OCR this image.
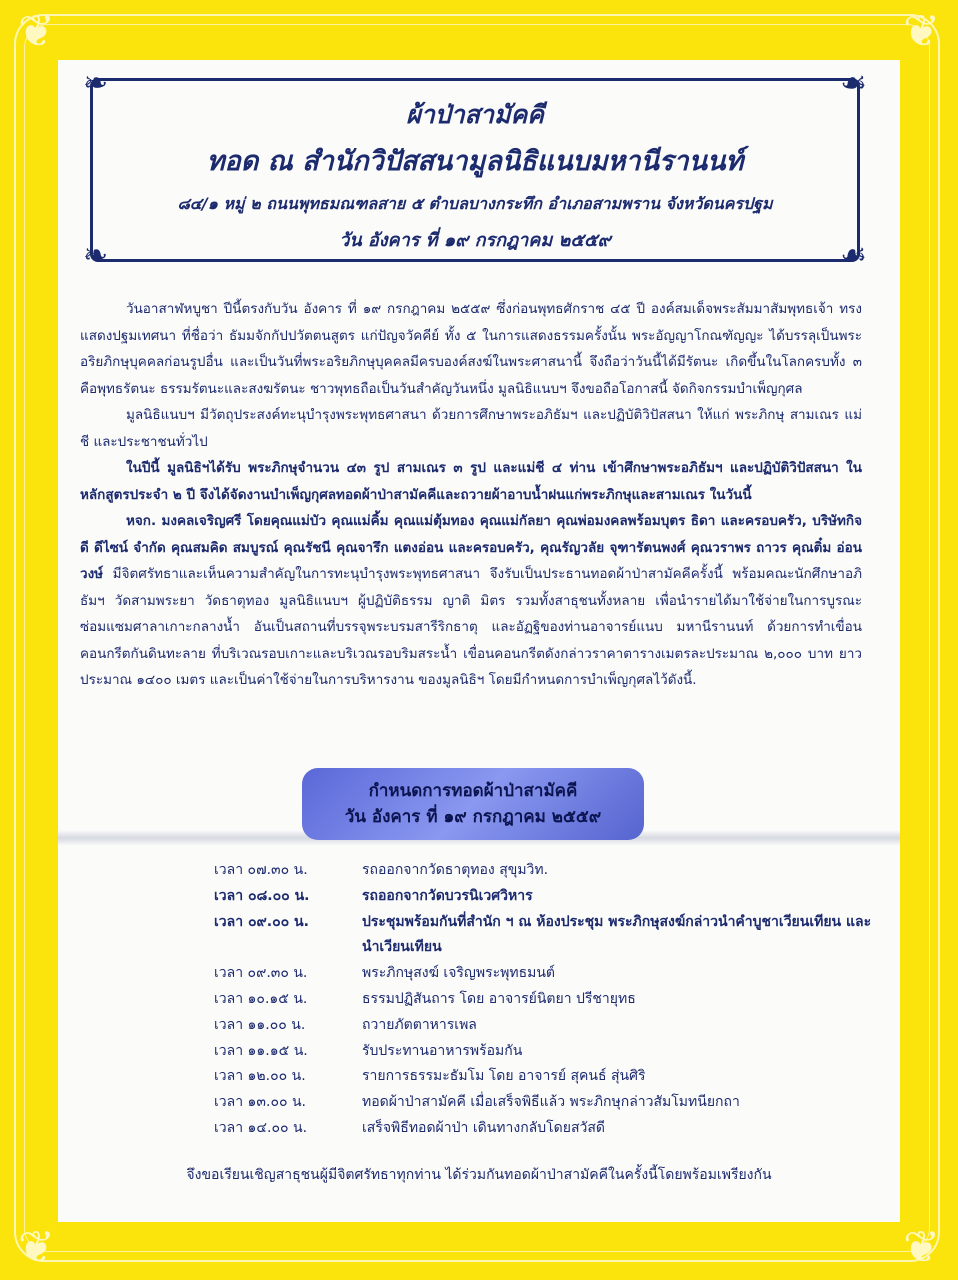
❦	❦
❦	❦
❧	☙
❧	☙
ผ้าป่าสามัคคี
ทอด ณ สำนักวิปัสสนามูลนิธิแนบมหานีรานนท์
๘๔/๑ หมู่ ๒ ถนนพุทธมณฑลสาย ๕ ตำบลบางกระทึก อำเภอสามพราน จังหวัดนครปฐม
วัน อังคาร ที่ ๑๙ กรกฎาคม ๒๕๕๙

วันอาสาฬหบูชา ปีนี้ตรงกับวัน อังคาร ที่ ๑๙ กรกฎาคม ๒๕๕๙ ซึ่งก่อนพุทธศักราช ๔๕ ปี องค์สมเด็จพระสัมมาสัมพุทธเจ้า ทรงแสดงปฐมเทศนา ที่ชื่อว่า ธัมมจักกัปปวัตตนสูตร แก่ปัญจวัคคีย์ ทั้ง ๕ ในการแสดงธรรมครั้งนั้น พระอัญญาโกณฑัญญะ ได้บรรลุเป็นพระอริยภิกษุบุคคลก่อนรูปอื่น และเป็นวันที่พระอริยภิกษุบุคคลมีครบองค์สงฆ์ในพระศาสนานี้ จึงถือว่าวันนี้ได้มีรัตนะ เกิดขึ้นในโลกครบทั้ง ๓ คือพุทธรัตนะ ธรรมรัตนะและสงฆรัตนะ ชาวพุทธถือเป็นวันสำคัญวันหนึ่ง มูลนิธิแนบฯ จึงขอถือโอกาสนี้ จัดกิจกรรมบำเพ็ญกุศล

มูลนิธิแนบฯ มีวัตถุประสงค์ทะนุบำรุงพระพุทธศาสนา ด้วยการศึกษาพระอภิธัมฯ และปฏิบัติวิปัสสนา ให้แก่ พระภิกษุ สามเณร แม่ชี และประชาชนทั่วไป

ในปีนี้ มูลนิธิฯได้รับ พระภิกษุจำนวน ๔๓ รูป สามเณร ๓ รูป และแม่ชี ๔ ท่าน เข้าศึกษาพระอภิธัมฯ และปฏิบัติวิปัสสนา ในหลักสูตรประจำ ๒ ปี จึงได้จัดงานบำเพ็ญกุศลทอดผ้าป่าสามัคคีและถวายผ้าอาบน้ำฝนแก่พระภิกษุและสามเณร ในวันนี้

หจก. มงคลเจริญศรี โดยคุณแม่บัว คุณแม่คิ้ม คุณแม่ตุ้มทอง คุณแม่กัลยา คุณพ่อมงคลพร้อมบุตร ธิดา และครอบครัว, บริษัทกิจดี ดีไซน์ จำกัด คุณสมคิด สมบูรณ์ คุณรัชนี คุณจารึก แตงอ่อน และครอบครัว, คุณรัญวลัย จุฑารัตนพงศ์ คุณวราพร ถาวร คุณติ๋ม อ่อนวงษ์ มีจิตศรัทธาและเห็นความสำคัญในการทะนุบำรุงพระพุทธศาสนา จึงรับเป็นประธานทอดผ้าป่าสามัคคีครั้งนี้ พร้อมคณะนักศึกษาอภิธัมฯ วัดสามพระยา วัดธาตุทอง มูลนิธิแนบฯ ผู้ปฏิบัติธรรม ญาติ มิตร รวมทั้งสาธุชนทั้งหลาย เพื่อนำรายได้มาใช้จ่ายในการบูรณะซ่อมแซมศาลาเกาะกลางน้ำ อันเป็นสถานที่บรรจุพระบรมสารีริกธาตุ และอัฏฐิของท่านอาจารย์แนบ มหานีรานนท์ ด้วยการทำเขื่อนคอนกรีตกันดินทะลาย ที่บริเวณรอบเกาะและบริเวณรอบริมสระน้ำ เขื่อนคอนกรีตดังกล่าวราคาตารางเมตรละประมาณ ๒,๐๐๐ บาท ยาวประมาณ ๑๔๐๐ เมตร และเป็นค่าใช้จ่ายในการบริหารงาน ของมูลนิธิฯ โดยมีกำหนดการบำเพ็ญกุศลไว้ดังนี้.

กำหนดการทอดผ้าป่าสามัคคี
วัน อังคาร ที่ ๑๙ กรกฎาคม ๒๕๕๙
เวลา ๐๗.๓๐ น.	รถออกจากวัดธาตุทอง สุขุมวิท.
เวลา ๐๘.๐๐ น.	รถออกจากวัดบวรนิเวศวิหาร
เวลา ๐๙.๐๐ น.	ประชุมพร้อมกันที่สำนัก ฯ ณ ห้องประชุม พระภิกษุสงฆ์กล่าวนำคำบูชาเวียนเทียน และนำเวียนเทียน
เวลา ๐๙.๓๐ น.	พระภิกษุสงฆ์ เจริญพระพุทธมนต์
เวลา ๑๐.๑๕ น.	ธรรมปฏิสันถาร โดย อาจารย์นิตยา ปรีชายุทธ
เวลา ๑๑.๐๐ น.	ถวายภัตตาหารเพล
เวลา ๑๑.๑๕ น.	รับประทานอาหารพร้อมกัน
เวลา ๑๒.๐๐ น.	รายการธรรมะธัมโม โดย อาจารย์ สุคนธ์ สุ่นศิริ
เวลา ๑๓.๐๐ น.	ทอดผ้าป่าสามัคคี เมื่อเสร็จพิธีแล้ว พระภิกษุกล่าวสัมโมทนียกถา
เวลา ๑๔.๐๐ น.	เสร็จพิธีทอดผ้าป่า เดินทางกลับโดยสวัสดี
จึงขอเรียนเชิญสาธุชนผู้มีจิตศรัทธาทุกท่าน ได้ร่วมกันทอดผ้าป่าสามัคคีในครั้งนี้โดยพร้อมเพรียงกัน
